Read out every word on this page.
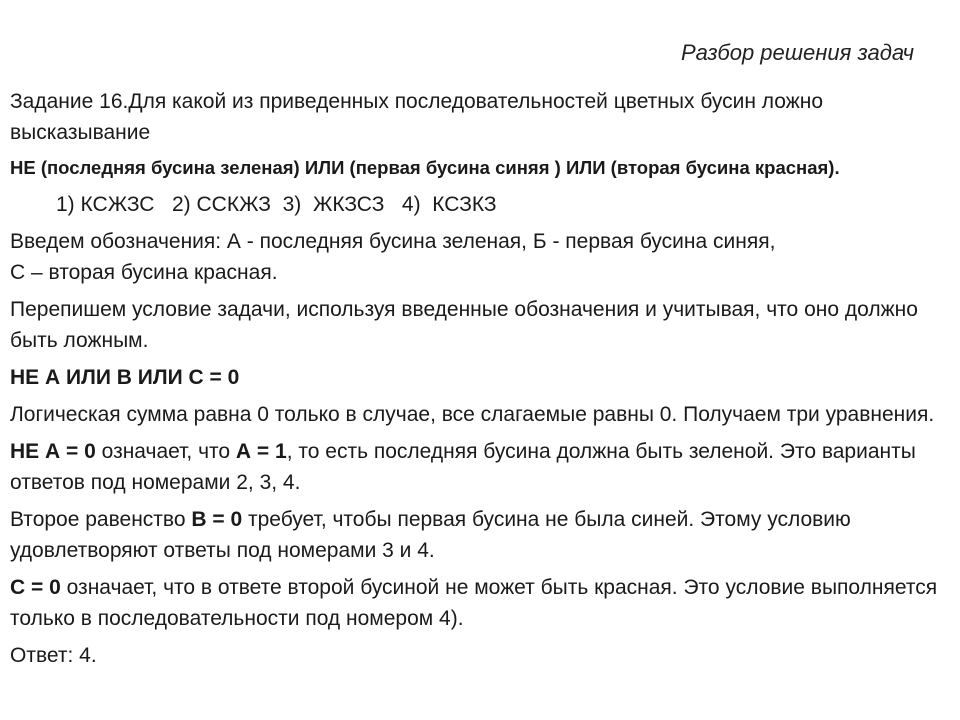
Разбор решения задач

Задание 16.Для какой из приведенных последовательностей цветных бусин ложно высказывание

НЕ (последняя бусина зеленая) ИЛИ (первая бусина синяя ) ИЛИ (вторая бусина красная).

1) КСЖЗС 2) ССКЖЗ 3) ЖКЗСЗ 4) КСЗКЗ

Введем обозначения: А - последняя бусина зеленая, Б - первая бусина синяя,
С – вторая бусина красная.

Перепишем условие задачи, используя введенные обозначения и учитывая, что оно должно быть ложным.

НЕ А ИЛИ В ИЛИ С = 0

Логическая сумма равна 0 только в случае, все слагаемые равны 0. Получаем три уравнения.

НЕ А = 0 означает, что А = 1, то есть последняя бусина должна быть зеленой. Это варианты ответов под номерами 2, 3, 4.

Второе равенство В = 0 требует, чтобы первая бусина не была синей. Этому условию удовлетворяют ответы под номерами 3 и 4.

С = 0 означает, что в ответе второй бусиной не может быть красная. Это условие выполняется только в последовательности под номером 4).

Ответ: 4.
